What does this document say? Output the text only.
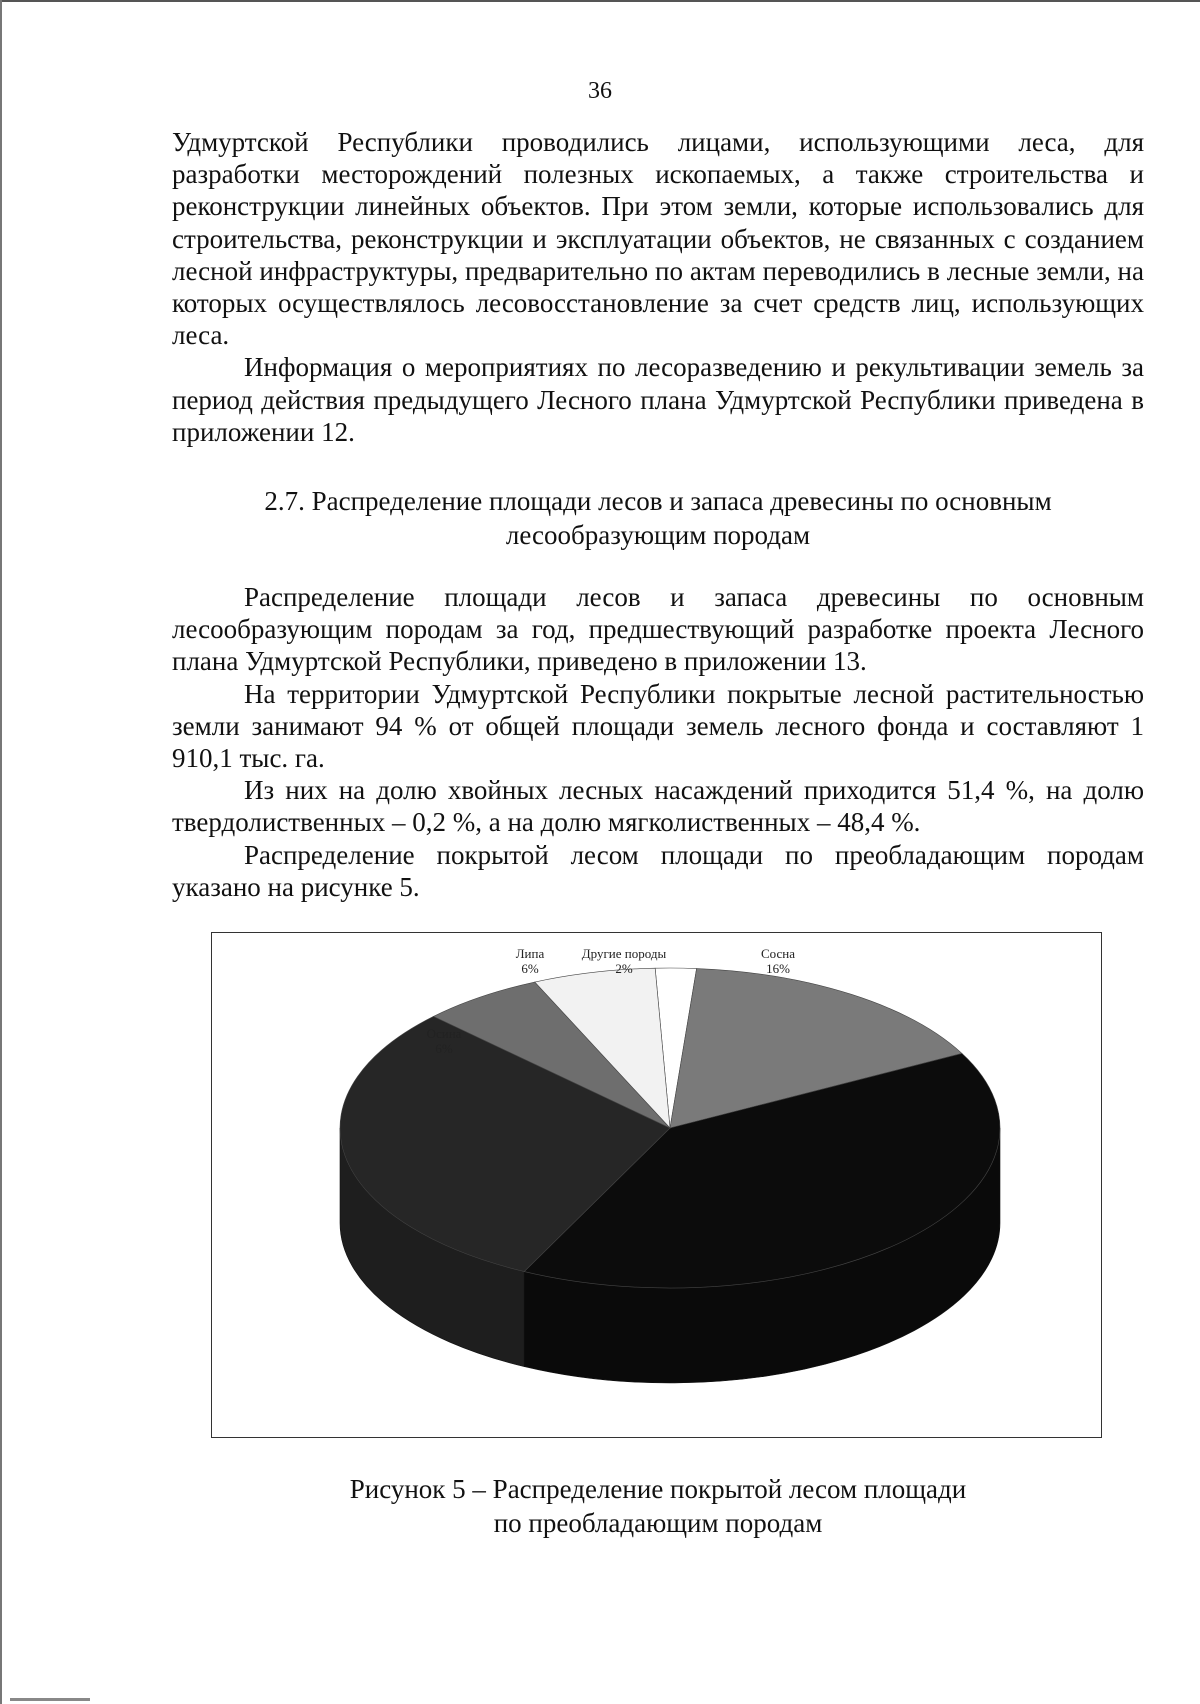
36

Удмуртской Республики проводились лицами, использующими леса, для разработки месторождений полезных ископаемых, а также строительства и реконструкции линейных объектов. При этом земли, которые использовались для строительства, реконструкции и эксплуатации объектов, не связанных с созданием лесной инфраструктуры, предварительно по актам переводились в лесные земли, на которых осуществлялось лесовосстановление за счет средств лиц, использующих леса.

Информация о мероприятиях по лесоразведению и рекультивации земель за период действия предыдущего Лесного плана Удмуртской Республики приведена в приложении 12.

2.7. Распределение площади лесов и запаса древесины по основным
лесообразующим породам

Распределение площади лесов и запаса древесины по основным лесообразующим породам за год, предшествующий разработке проекта Лесного плана Удмуртской Республики, приведено в приложении 13.

На территории Удмуртской Республики покрытые лесной растительностью земли занимают 94 % от общей площади земель лесного фонда и составляют 1 910,1 тыс. га.

Из них на долю хвойных лесных насаждений приходится 51,4 %, на долю твердолиственных – 0,2 %, а на долю мягколиственных – 48,4 %.

Распределение покрытой лесом площади по преобладающим породам указано на рисунке 5.

Другие породы
2%
Сосна
16%
Осина
6%
Липа
6%
Рисунок 5 – Распределение покрытой лесом площади
по преобладающим породам
